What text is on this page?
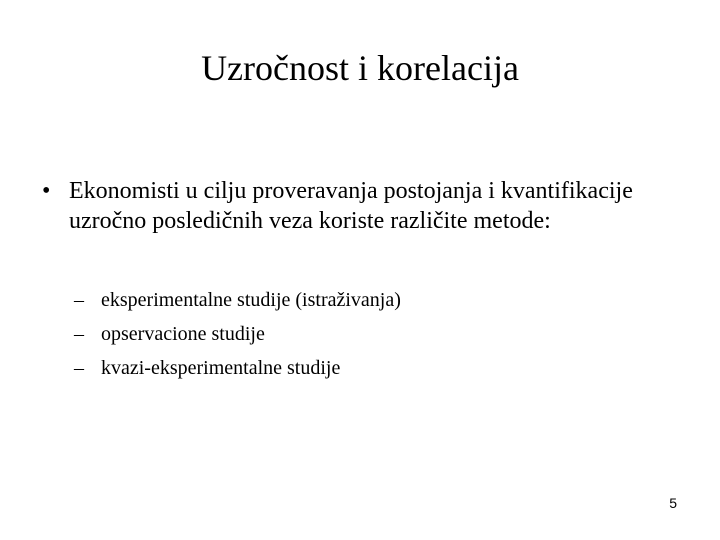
Uzročnost i korelacija
• Ekonomisti u cilju proveravanja postojanja i kvantifikacije uzročno posledičnih veza koriste različite metode:
– eksperimentalne studije (istraživanja)
– opservacione studije
– kvazi-eksperimentalne studije
5
